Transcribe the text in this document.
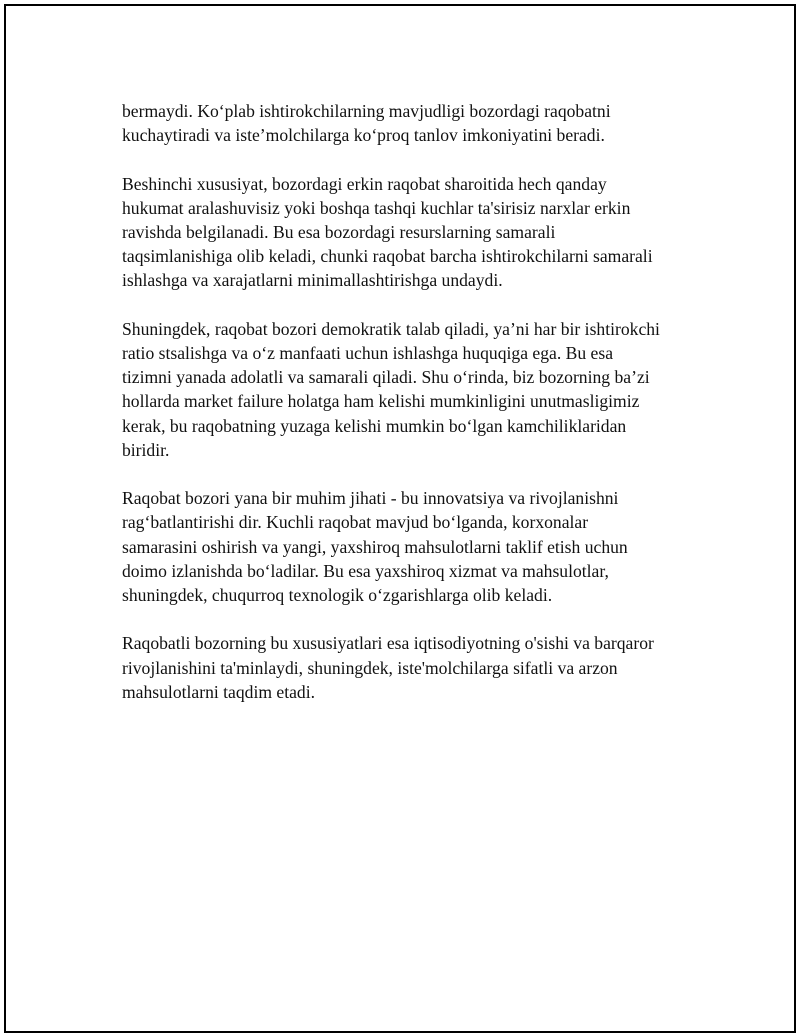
bermaydi. Ko‘plab ishtirokchilarning mavjudligi bozordagi raqobatni
kuchaytiradi va iste’molchilarga ko‘proq tanlov imkoniyatini beradi.

Beshinchi xususiyat, bozordagi erkin raqobat sharoitida hech qanday
hukumat aralashuvisiz yoki boshqa tashqi kuchlar ta'sirisiz narxlar erkin
ravishda belgilanadi. Bu esa bozordagi resurslarning samarali
taqsimlanishiga olib keladi, chunki raqobat barcha ishtirokchilarni samarali
ishlashga va xarajatlarni minimallashtirishga undaydi.

Shuningdek, raqobat bozori demokratik talab qiladi, ya’ni har bir ishtirokchi
ratio stsalishga va o‘z manfaati uchun ishlashga huquqiga ega. Bu esa
tizimni yanada adolatli va samarali qiladi. Shu o‘rinda, biz bozorning ba’zi
hollarda market failure holatga ham kelishi mumkinligini unutmasligimiz
kerak, bu raqobatning yuzaga kelishi mumkin bo‘lgan kamchiliklaridan
biridir.

Raqobat bozori yana bir muhim jihati - bu innovatsiya va rivojlanishni
rag‘batlantirishi dir. Kuchli raqobat mavjud bo‘lganda, korxonalar
samarasini oshirish va yangi, yaxshiroq mahsulotlarni taklif etish uchun
doimo izlanishda bo‘ladilar. Bu esa yaxshiroq xizmat va mahsulotlar,
shuningdek, chuqurroq texnologik o‘zgarishlarga olib keladi.

Raqobatli bozorning bu xususiyatlari esa iqtisodiyotning o'sishi va barqaror
rivojlanishini ta'minlaydi, shuningdek, iste'molchilarga sifatli va arzon
mahsulotlarni taqdim etadi.
